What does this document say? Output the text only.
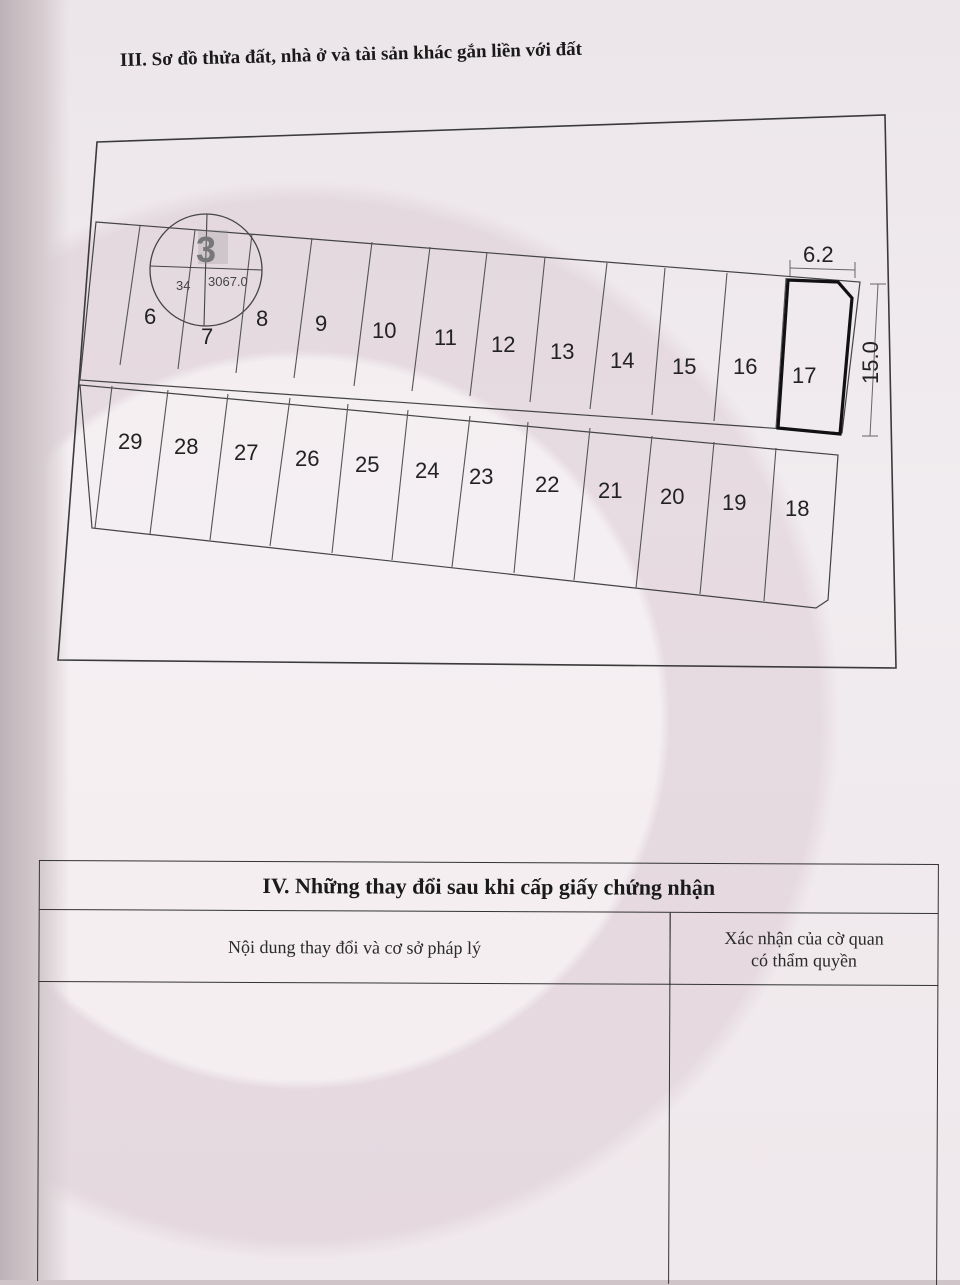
III. Sơ đồ thửa đất, nhà ở và tài sản khác gắn liền với đất
3
34 3067.0
6.2
15.0
6
7
8 9 10 11 12 13 14 15 16 17
29 28 27 26 25 24 23 22 21 20 19 18
IV. Những thay đổi sau khi cấp giấy chứng nhận
Nội dung thay đổi và cơ sở pháp lý	Xác nhận của cờ quan
có thẩm quyền
